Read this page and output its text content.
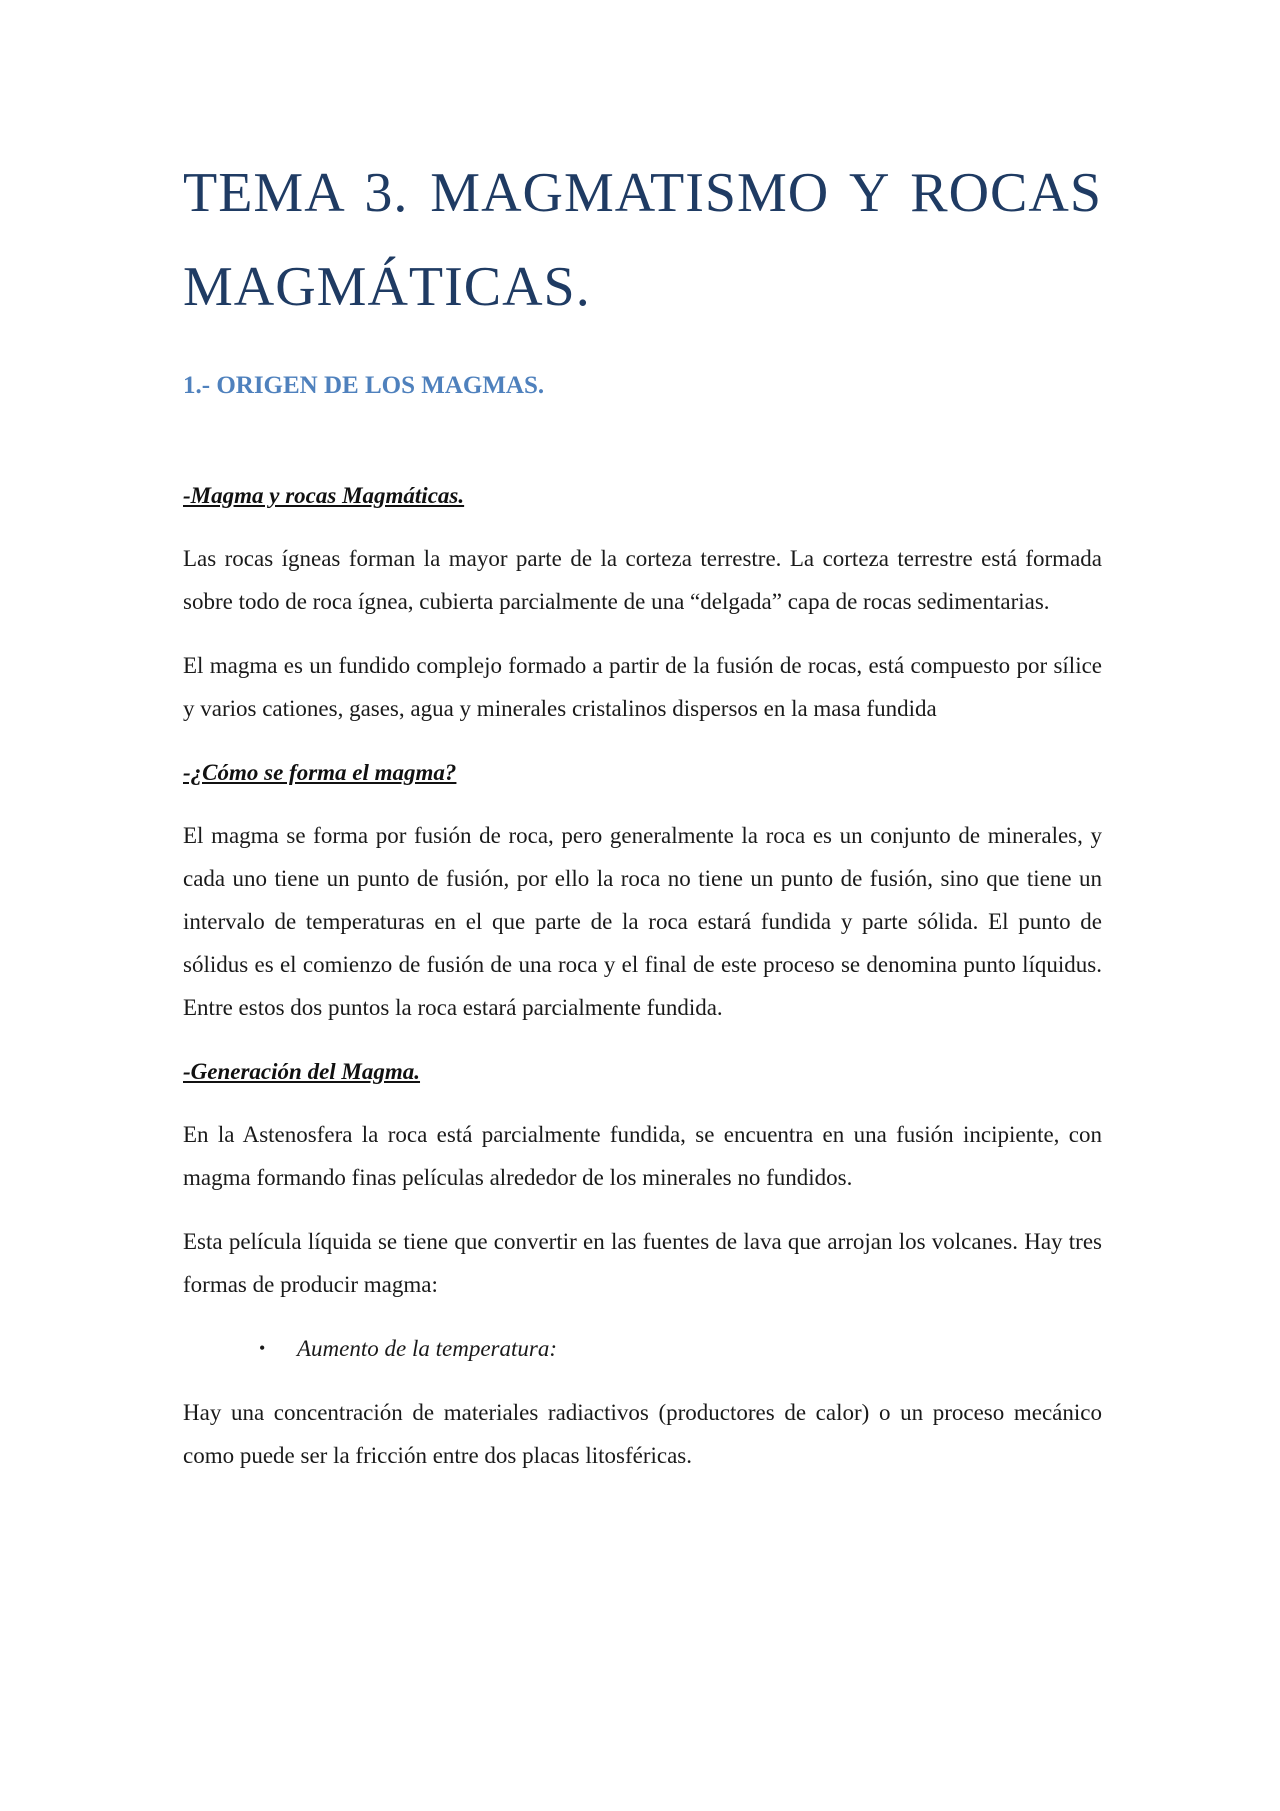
TEMA 3. MAGMATISMO Y ROCAS MAGMÁTICAS.
1.- ORIGEN DE LOS MAGMAS.
-Magma y rocas Magmáticas.

Las rocas ígneas forman la mayor parte de la corteza terrestre. La corteza terrestre está formada sobre todo de roca ígnea, cubierta parcialmente de una “delgada” capa de rocas sedimentarias.

El magma es un fundido complejo formado a partir de la fusión de rocas, está compuesto por sílice y varios cationes, gases, agua y minerales cristalinos dispersos en la masa fundida

-¿Cómo se forma el magma?

El magma se forma por fusión de roca, pero generalmente la roca es un conjunto de minerales, y cada uno tiene un punto de fusión, por ello la roca no tiene un punto de fusión, sino que tiene un intervalo de temperaturas en el que parte de la roca estará fundida y parte sólida. El punto de sólidus es el comienzo de fusión de una roca y el final de este proceso se denomina punto líquidus. Entre estos dos puntos la roca estará parcialmente fundida.

-Generación del Magma.

En la Astenosfera la roca está parcialmente fundida, se encuentra en una fusión incipiente, con magma formando finas películas alrededor de los minerales no fundidos.

Esta película líquida se tiene que convertir en las fuentes de lava que arrojan los volcanes. Hay tres formas de producir magma:

• Aumento de la temperatura:

Hay una concentración de materiales radiactivos (productores de calor) o un proceso mecánico como puede ser la fricción entre dos placas litosféricas.
